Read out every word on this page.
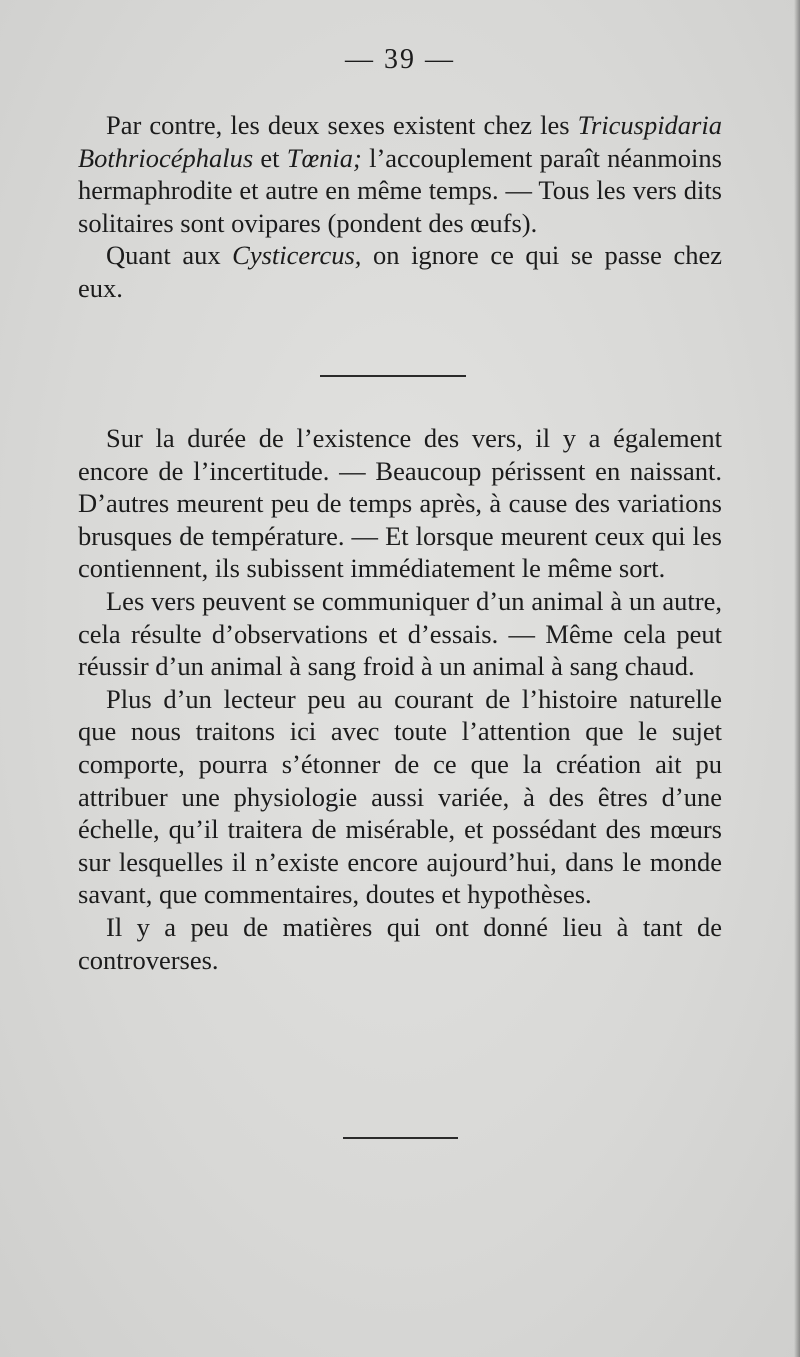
— 39 —

Par contre, les deux sexes existent chez les Tricuspidaria Bothriocéphalus et Tœnia; l’accouplement paraît néanmoins hermaphrodite et autre en même temps. — Tous les vers dits solitaires sont ovipares (pondent des œufs).

Quant aux Cysticercus, on ignore ce qui se passe chez eux.

Sur la durée de l’existence des vers, il y a également encore de l’incertitude. — Beaucoup périssent en naissant. D’autres meurent peu de temps après, à cause des variations brusques de température. — Et lorsque meurent ceux qui les contiennent, ils subissent immédiatement le même sort.

Les vers peuvent se communiquer d’un animal à un autre, cela résulte d’observations et d’essais. — Même cela peut réussir d’un animal à sang froid à un animal à sang chaud.

Plus d’un lecteur peu au courant de l’histoire naturelle que nous traitons ici avec toute l’attention que le sujet comporte, pourra s’étonner de ce que la création ait pu attribuer une physiologie aussi variée, à des êtres d’une échelle, qu’il traitera de misérable, et possédant des mœurs sur lesquelles il n’existe encore aujourd’hui, dans le monde savant, que commentaires, doutes et hypothèses.

Il y a peu de matières qui ont donné lieu à tant de controverses.
